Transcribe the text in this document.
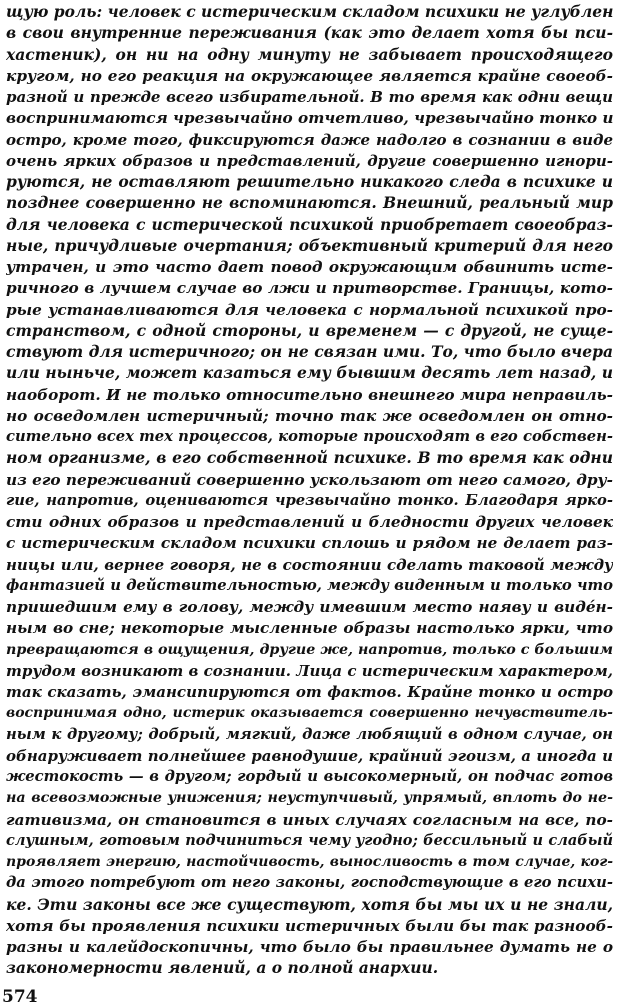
щую роль: человек с истерическим складом психики не углублен
в свои внутренние переживания (как это делает хотя бы пси-
хастеник), он ни на одну минуту не забывает происходящего
кругом, но его реакция на окружающее является крайне своеоб-
разной и прежде всего избирательной. В то время как одни вещи
воспринимаются чрезвычайно отчетливо, чрезвычайно тонко и
остро, кроме того, фиксируются даже надолго в сознании в виде
очень ярких образов и представлений, другие совершенно игнори-
руются, не оставляют решительно никакого следа в психике и
позднее совершенно не вспоминаются. Внешний, реальный мир
для человека с истерической психикой приобретает своеобраз-
ные, причудливые очертания; объективный критерий для него
утрачен, и это часто дает повод окружающим обвинить исте-
ричного в лучшем случае во лжи и притворстве. Границы, кото-
рые устанавливаются для человека с нормальной психикой про-
странством, с одной стороны, и временем — с другой, не суще-
ствуют для истеричного; он не связан ими. То, что было вчера
или ныньче, может казаться ему бывшим десять лет назад, и
наоборот. И не только относительно внешнего мира неправиль-
но осведомлен истеричный; точно так же осведомлен он отно-
сительно всех тех процессов, которые происходят в его собствен-
ном организме, в его собственной психике. В то время как одни
из его переживаний совершенно ускользают от него самого, дру-
гие, напротив, оцениваются чрезвычайно тонко. Благодаря ярко-
сти одних образов и представлений и бледности других человек
с истерическим складом психики сплошь и рядом не делает раз-
ницы или, вернее говоря, не в состоянии сделать таковой между
фантазией и действительностью, между виденным и только что
пришедшим ему в голову, между имевшим место наяву и видéн-
ным во сне; некоторые мысленные образы настолько ярки, что
превращаются в ощущения, другие же, напротив, только с большим
трудом возникают в сознании. Лица с истерическим характером,
так сказать, эмансипируются от фактов. Крайне тонко и остро
воспринимая одно, истерик оказывается совершенно нечувствитель-
ным к другому; добрый, мягкий, даже любящий в одном случае, он
обнаруживает полнейшее равнодушие, крайний эгоизм, а иногда и
жестокость — в другом; гордый и высокомерный, он подчас готов
на всевозможные унижения; неуступчивый, упрямый, вплоть до не-
гативизма, он становится в иных случаях согласным на все, по-
слушным, готовым подчиниться чему угодно; бессильный и слабый
проявляет энергию, настойчивость, выносливость в том случае, ког-
да этого потребуют от него законы, господствующие в его психи-
ке. Эти законы все же существуют, хотя бы мы их и не знали,
хотя бы проявления психики истеричных были бы так разнооб-
разны и калейдоскопичны, что было бы правильнее думать не о
закономерности явлений, а о полной анархии.
574
